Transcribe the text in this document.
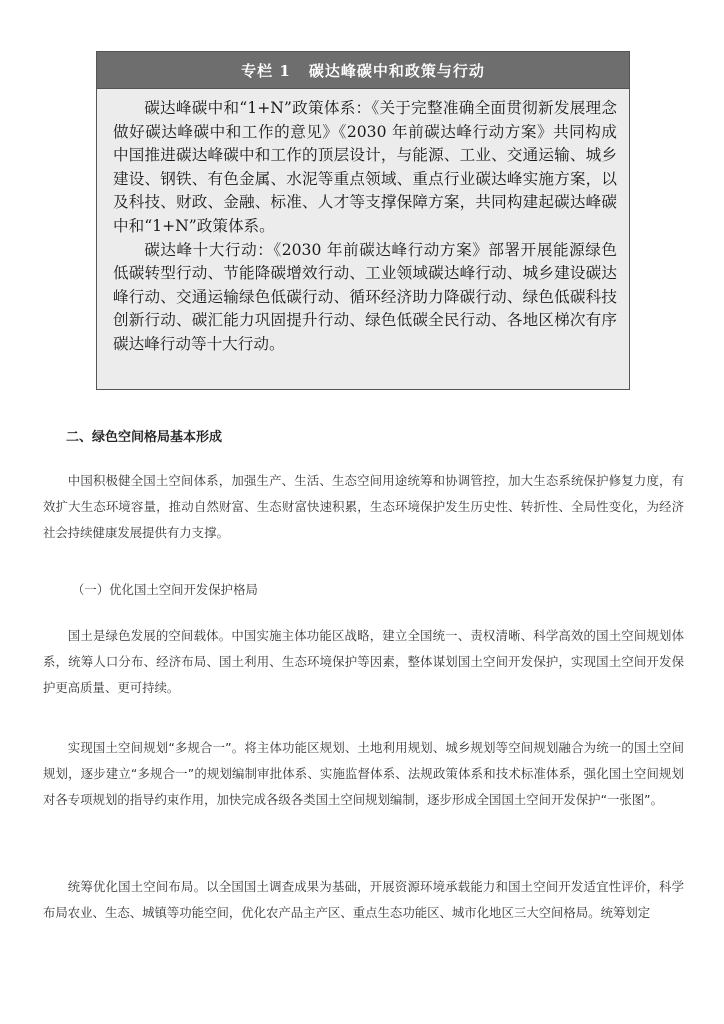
专栏 1 碳达峰碳中和政策与行动

碳达峰碳中和“1+N”政策体系：《关于完整准确全面贯彻新发展理念做好碳达峰碳中和工作的意见》《2030 年前碳达峰行动方案》共同构成中国推进碳达峰碳中和工作的顶层设计，与能源、工业、交通运输、城乡建设、钢铁、有色金属、水泥等重点领域、重点行业碳达峰实施方案，以及科技、财政、金融、标准、人才等支撑保障方案，共同构建起碳达峰碳中和“1+N”政策体系。

碳达峰十大行动：《2030 年前碳达峰行动方案》部署开展能源绿色低碳转型行动、节能降碳增效行动、工业领域碳达峰行动、城乡建设碳达峰行动、交通运输绿色低碳行动、循环经济助力降碳行动、绿色低碳科技创新行动、碳汇能力巩固提升行动、绿色低碳全民行动、各地区梯次有序碳达峰行动等十大行动。

二、绿色空间格局基本形成

中国积极健全国土空间体系，加强生产、生活、生态空间用途统筹和协调管控，加大生态系统保护修复力度，有效扩大生态环境容量，推动自然财富、生态财富快速积累，生态环境保护发生历史性、转折性、全局性变化，为经济社会持续健康发展提供有力支撑。

（一）优化国土空间开发保护格局

国土是绿色发展的空间载体。中国实施主体功能区战略，建立全国统一、责权清晰、科学高效的国土空间规划体系，统筹人口分布、经济布局、国土利用、生态环境保护等因素，整体谋划国土空间开发保护，实现国土空间开发保护更高质量、更可持续。

实现国土空间规划“多规合一”。将主体功能区规划、土地利用规划、城乡规划等空间规划融合为统一的国土空间规划，逐步建立“多规合一”的规划编制审批体系、实施监督体系、法规政策体系和技术标准体系，强化国土空间规划对各专项规划的指导约束作用，加快完成各级各类国土空间规划编制，逐步形成全国国土空间开发保护“一张图”。

统筹优化国土空间布局。以全国国土调查成果为基础，开展资源环境承载能力和国土空间开发适宜性评价，科学布局农业、生态、城镇等功能空间，优化农产品主产区、重点生态功能区、城市化地区三大空间格局。统筹划定
